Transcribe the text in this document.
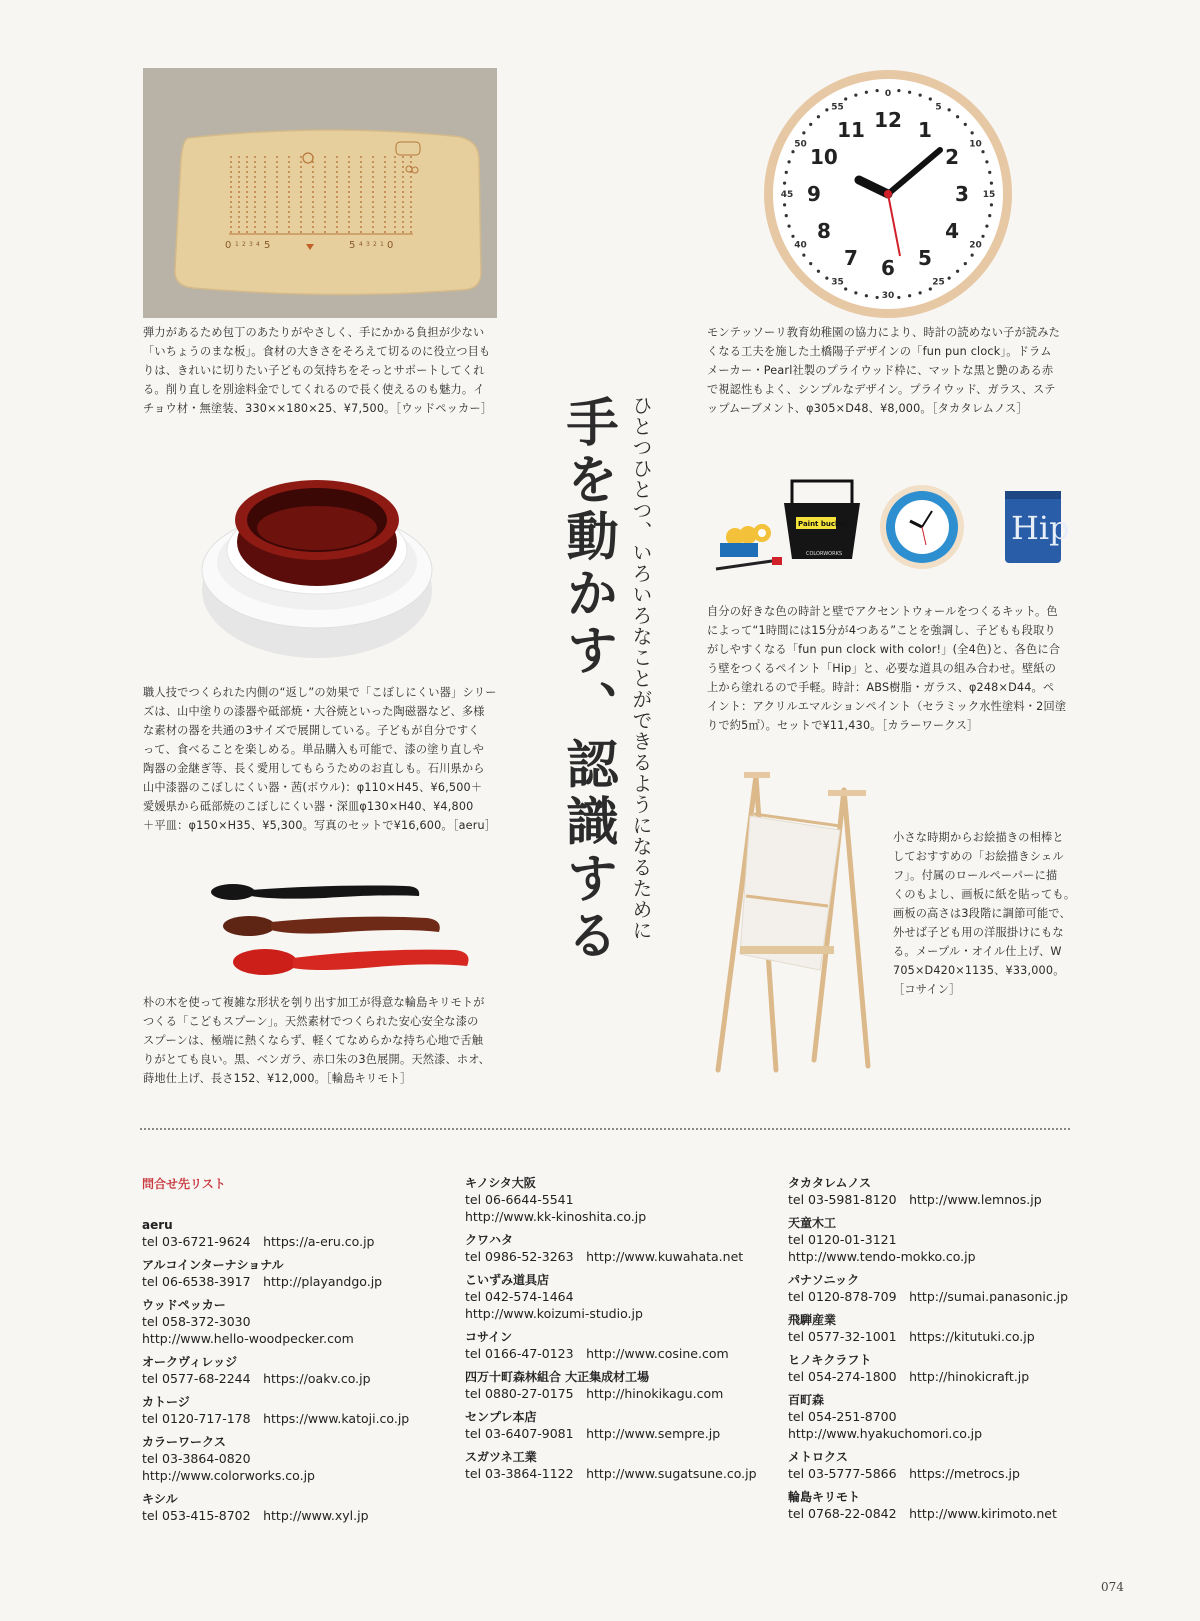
0 1 2 3 4 5	5 4 3 2 1 0
0
5
10
15
20
25
30
35
40
45
50
55
12 1
2
3
4
5
6
7
8
9
10
11
Paint bucket
COLORWORKS
Hip
手を動かす、認識する ひとつひとつ、いろいろなことができるようになるために
弾力があるため包丁のあたりがやさしく、手にかかる負担が少ない
「いちょうのまな板」。食材の大きさをそろえて切るのに役立つ目も
りは、きれいに切りたい子どもの気持ちをそっとサポートしてくれ
る。削り直しを別途料金でしてくれるので長く使えるのも魅力。イ
チョウ材・無塗装、330××180×25、¥7,500。［ウッドペッカー］
モンテッソーリ教育幼稚園の協力により、時計の読めない子が読みた
くなる工夫を施した土橋陽子デザインの「fun pun clock」。ドラム
メーカー・Pearl社製のプライウッド枠に、マットな黒と艶のある赤
で視認性もよく、シンプルなデザイン。プライウッド、ガラス、ステ
ップムーブメント、φ305×D48、¥8,000。［タカタレムノス］
職人技でつくられた内側の“返し”の効果で「こぼしにくい器」シリー
ズは、山中塗りの漆器や砥部焼・大谷焼といった陶磁器など、多様
な素材の器を共通の3サイズで展開している。子どもが自分ですく
って、食べることを楽しめる。単品購入も可能で、漆の塗り直しや
陶器の金継ぎ等、長く愛用してもらうためのお直しも。石川県から
山中漆器のこぼしにくい器・茜(ボウル)：φ110×H45、¥6,500＋
愛媛県から砥部焼のこぼしにくい器・深皿φ130×H40、¥4,800
＋平皿：φ150×H35、¥5,300。写真のセットで¥16,600。［aeru］
自分の好きな色の時計と壁でアクセントウォールをつくるキット。色
によって“1時間には15分が4つある”ことを強調し、子どもも段取り
がしやすくなる「fun pun clock with color!」(全4色)と、各色に合
う壁をつくるペイント「Hip」と、必要な道具の組み合わせ。壁紙の
上から塗れるので手軽。時計：ABS樹脂・ガラス、φ248×D44。ペ
イント：アクリルエマルションペイント（セラミック水性塗料・2回塗
りで約5㎡）。セットで¥11,430。［カラーワークス］
小さな時期からお絵描きの相棒と
しておすすめの「お絵描きシェル
フ」。付属のロールペーパーに描
くのもよし、画板に紙を貼っても。
画板の高さは3段階に調節可能で、
外せば子ども用の洋服掛けにもな
る。メープル・オイル仕上げ、W
705×D420×1135、¥33,000。
［コサイン］
朴の木を使って複雑な形状を刳り出す加工が得意な輪島キリモトが
つくる「こどもスプーン」。天然素材でつくられた安心安全な漆の
スプーンは、極端に熱くならず、軽くてなめらかな持ち心地で舌触
りがとても良い。黒、ベンガラ、赤口朱の3色展開。天然漆、ホオ、
蒔地仕上げ、長さ152、¥12,000。［輪島キリモト］
問合せ先リスト
aeru
tel 03-6721-9624  https://a-eru.co.jp
アルコインターナショナル
tel 06-6538-3917  http://playandgo.jp
ウッドペッカー
tel 058-372-3030
http://www.hello-woodpecker.com
オークヴィレッジ
tel 0577-68-2244  https://oakv.co.jp
カトージ
tel 0120-717-178  https://www.katoji.co.jp
カラーワークス
tel 03-3864-0820
http://www.colorworks.co.jp
キシル
tel 053-415-8702  http://www.xyl.jp
キノシタ大阪
tel 06-6644-5541
http://www.kk-kinoshita.co.jp
クワハタ
tel 0986-52-3263  http://www.kuwahata.net
こいずみ道具店
tel 042-574-1464
http://www.koizumi-studio.jp
コサイン
tel 0166-47-0123  http://www.cosine.com
四万十町森林組合 大正集成材工場
tel 0880-27-0175  http://hinokikagu.com
センプレ本店
tel 03-6407-9081  http://www.sempre.jp
スガツネ工業
tel 03-3864-1122  http://www.sugatsune.co.jp
タカタレムノス
tel 03-5981-8120  http://www.lemnos.jp
天童木工
tel 0120-01-3121
http://www.tendo-mokko.co.jp
パナソニック
tel 0120-878-709  http://sumai.panasonic.jp
飛騨産業
tel 0577-32-1001  https://kitutuki.co.jp
ヒノキクラフト
tel 054-274-1800  http://hinokicraft.jp
百町森
tel 054-251-8700
http://www.hyakuchomori.co.jp
メトロクス
tel 03-5777-5866  https://metrocs.jp
輪島キリモト
tel 0768-22-0842  http://www.kirimoto.net
074
